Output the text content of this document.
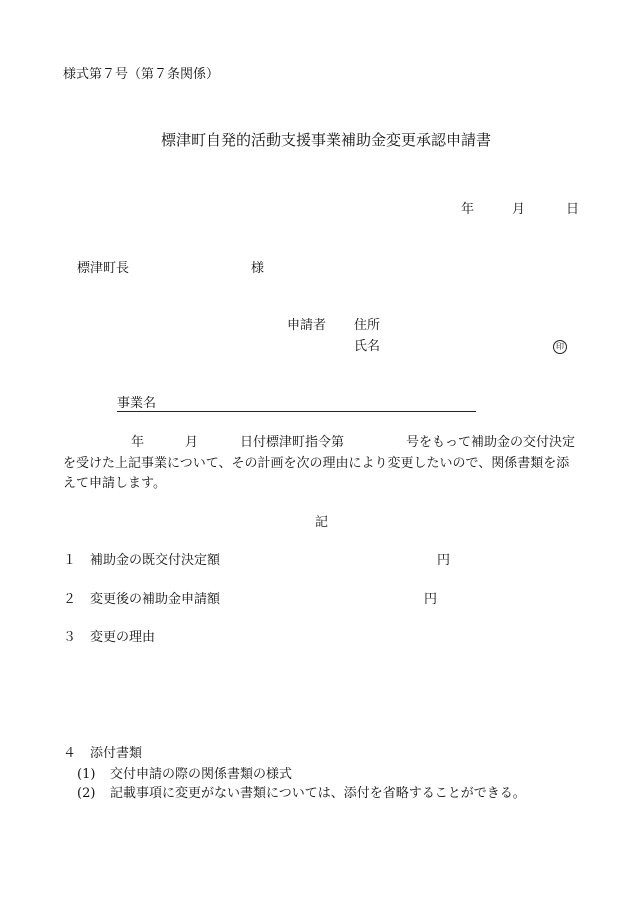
様式第７号（第７条関係）
標津町自発的活動支援事業補助金変更承認申請書
年	月	日
標津町長	様
申請者 住所
氏名	印
事業名
年	月	日付標津町指令第	号をもって補助金の交付決定
を受けた上記事業について、その計画を次の理由により変更したいので、関係書類を添
えて申請します。
記
１ 補助金の既交付決定額	円
２ 変更後の補助金申請額	円
３ 変更の理由
４ 添付書類
(1) 交付申請の際の関係書類の様式
(2) 記載事項に変更がない書類については、添付を省略することができる。
